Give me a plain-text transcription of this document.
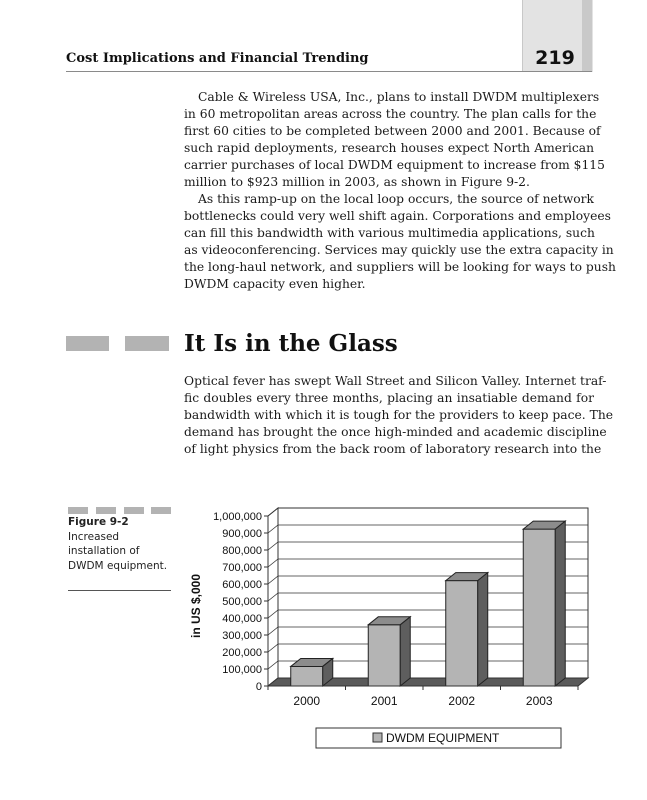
Cost Implications and Financial Trending	219
Cable & Wireless USA, Inc., plans to install DWDM multiplexers
in 60 metropolitan areas across the country. The plan calls for the
first 60 cities to be completed between 2000 and 2001. Because of
such rapid deployments, research houses expect North American
carrier purchases of local DWDM equipment to increase from $115
million to $923 million in 2003, as shown in Figure 9-2.
As this ramp-up on the local loop occurs, the source of network
bottlenecks could very well shift again. Corporations and employees
can fill this bandwidth with various multimedia applications, such
as videoconferencing. Services may quickly use the extra capacity in
the long-haul network, and suppliers will be looking for ways to push
DWDM capacity even higher.
It Is in the Glass
Optical fever has swept Wall Street and Silicon Valley. Internet traf-
fic doubles every three months, placing an insatiable demand for
bandwidth with which it is tough for the providers to keep pace. The
demand has brought the once high-minded and academic discipline
of light physics from the back room of laboratory research into the
Figure 9-2
Increased installation of DWDM equipment.
0
100,000
200,000
300,000
400,000
500,000
600,000
700,000
800,000
900,000
1,000,000
2000	2001	2002	2003
in US $,000
DWDM EQUIPMENT
